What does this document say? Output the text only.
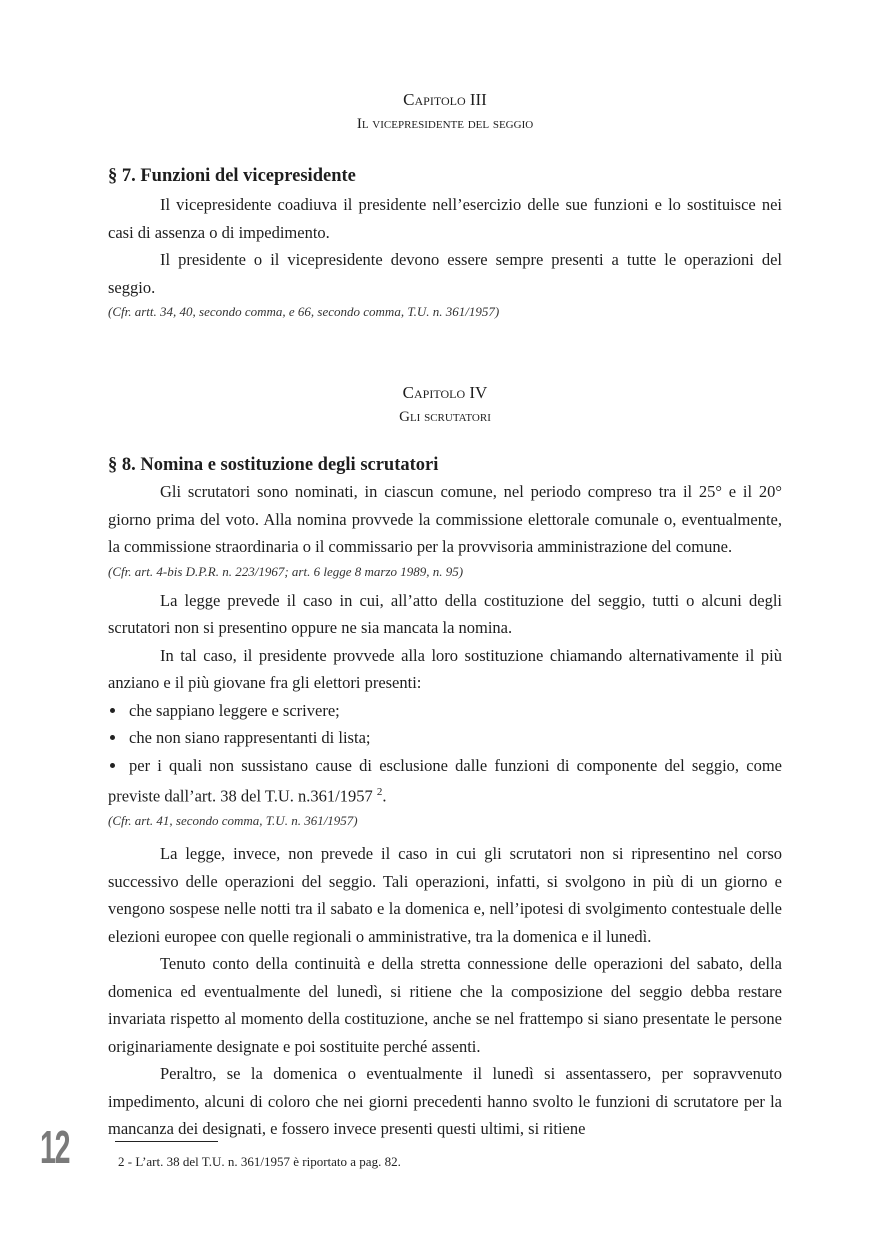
Capitolo III
Il vicepresidente del seggio
§ 7. Funzioni del vicepresidente

Il vicepresidente coadiuva il presidente nell’esercizio delle sue funzioni e lo sostituisce nei casi di assenza o di impedimento.

Il presidente o il vicepresidente devono essere sempre presenti a tutte le operazioni del seggio.

(Cfr. artt. 34, 40, secondo comma, e 66, secondo comma, T.U. n. 361/1957)
Capitolo IV
Gli scrutatori
§ 8. Nomina e sostituzione degli scrutatori

Gli scrutatori sono nominati, in ciascun comune, nel periodo compreso tra il 25° e il 20° giorno prima del voto. Alla nomina provvede la commissione elettorale comunale o, eventualmente, la commissione straordinaria o il commissario per la provvisoria amministrazione del comune.

(Cfr. art. 4-bis D.P.R. n. 223/1967; art. 6 legge 8 marzo 1989, n. 95)

La legge prevede il caso in cui, all’atto della costituzione del seggio, tutti o alcuni degli scrutatori non si presentino oppure ne sia mancata la nomina.

In tal caso, il presidente provvede alla loro sostituzione chiamando alternativamente il più anziano e il più giovane fra gli elettori presenti:

che sappiano leggere e scrivere;
che non siano rappresentanti di lista;
per i quali non sussistano cause di esclusione dalle funzioni di componente del seggio, come previste dall’art. 38 del T.U. n.361/1957 $^2$.
(Cfr. art. 41, secondo comma, T.U. n. 361/1957)

La legge, invece, non prevede il caso in cui gli scrutatori non si ripresentino nel corso successivo delle operazioni del seggio. Tali operazioni, infatti, si svolgono in più di un giorno e vengono sospese nelle notti tra il sabato e la domenica e, nell’ipotesi di svolgimento contestuale delle elezioni europee con quelle regionali o amministrative, tra la domenica e il lunedì.

Tenuto conto della continuità e della stretta connessione delle operazioni del sabato, della domenica ed eventualmente del lunedì, si ritiene che la composizione del seggio debba restare invariata rispetto al momento della costituzione, anche se nel frattempo si siano presentate le persone originariamente designate e poi sostituite perché assenti.

Peraltro, se la domenica o eventualmente il lunedì si assentassero, per sopravvenuto impedimento, alcuni di coloro che nei giorni precedenti hanno svolto le funzioni di scrutatore per la mancanza dei designati, e fossero invece presenti questi ultimi, si ritiene

12	2 - L’art. 38 del T.U. n. 361/1957 è riportato a pag. 82.
